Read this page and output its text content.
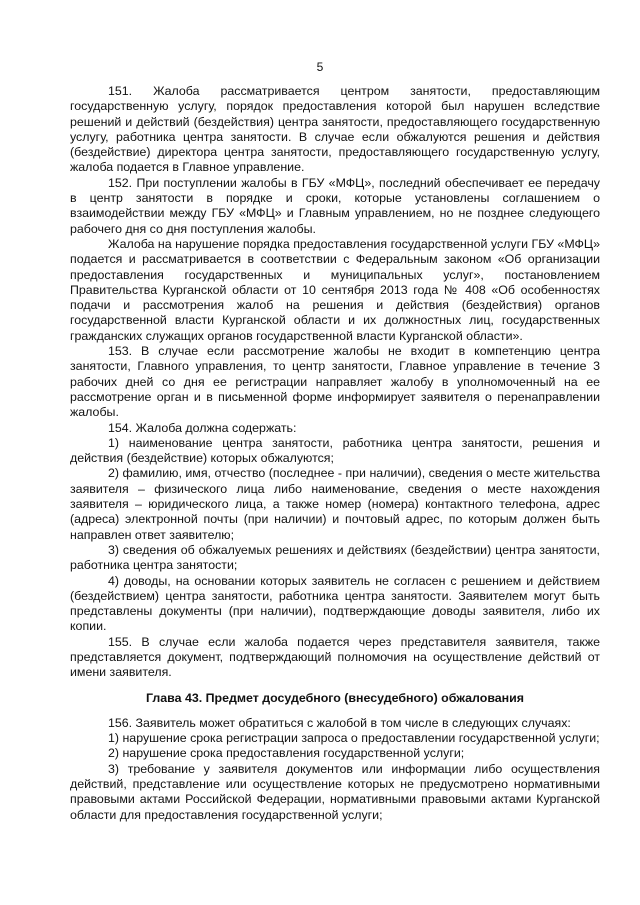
5

151. Жалоба рассматривается центром занятости, предоставляющим государственную услугу, порядок предоставления которой был нарушен вследствие решений и действий (бездействия) центра занятости, предоставляющего государственную услугу, работника центра занятости. В случае если обжалуются решения и действия (бездействие) директора центра занятости, предоставляющего государственную услугу, жалоба подается в Главное управление.

152. При поступлении жалобы в ГБУ «МФЦ», последний обеспечивает ее передачу в центр занятости в порядке и сроки, которые установлены соглашением о взаимодействии между ГБУ «МФЦ» и Главным управлением, но не позднее следующего рабочего дня со дня поступления жалобы.

Жалоба на нарушение порядка предоставления государственной услуги ГБУ «МФЦ» подается и рассматривается в соответствии с Федеральным законом «Об организации предоставления государственных и муниципальных услуг», постановлением Правительства Курганской области от 10 сентября 2013 года № 408 «Об особенностях подачи и рассмотрения жалоб на решения и действия (бездействия) органов государственной власти Курганской области и их должностных лиц, государственных гражданских служащих органов государственной власти Курганской области».

153. В случае если рассмотрение жалобы не входит в компетенцию центра занятости, Главного управления, то центр занятости, Главное управление в течение 3 рабочих дней со дня ее регистрации направляет жалобу в уполномоченный на ее рассмотрение орган и в письменной форме информирует заявителя о перенаправлении жалобы.

154. Жалоба должна содержать:

1) наименование центра занятости, работника центра занятости, решения и действия (бездействие) которых обжалуются;

2) фамилию, имя, отчество (последнее - при наличии), сведения о месте жительства заявителя – физического лица либо наименование, сведения о месте нахождения заявителя – юридического лица, а также номер (номера) контактного телефона, адрес (адреса) электронной почты (при наличии) и почтовый адрес, по которым должен быть направлен ответ заявителю;

3) сведения об обжалуемых решениях и действиях (бездействии) центра занятости, работника центра занятости;

4) доводы, на основании которых заявитель не согласен с решением и действием (бездействием) центра занятости, работника центра занятости. Заявителем могут быть представлены документы (при наличии), подтверждающие доводы заявителя, либо их копии.

155. В случае если жалоба подается через представителя заявителя, также представляется документ, подтверждающий полномочия на осуществление действий от имени заявителя.

Глава 43. Предмет досудебного (внесудебного) обжалования

156. Заявитель может обратиться с жалобой в том числе в следующих случаях:

1) нарушение срока регистрации запроса о предоставлении государственной услуги;

2) нарушение срока предоставления государственной услуги;

3) требование у заявителя документов или информации либо осуществления действий, представление или осуществление которых не предусмотрено нормативными правовыми актами Российской Федерации, нормативными правовыми актами Курганской области для предоставления государственной услуги;
